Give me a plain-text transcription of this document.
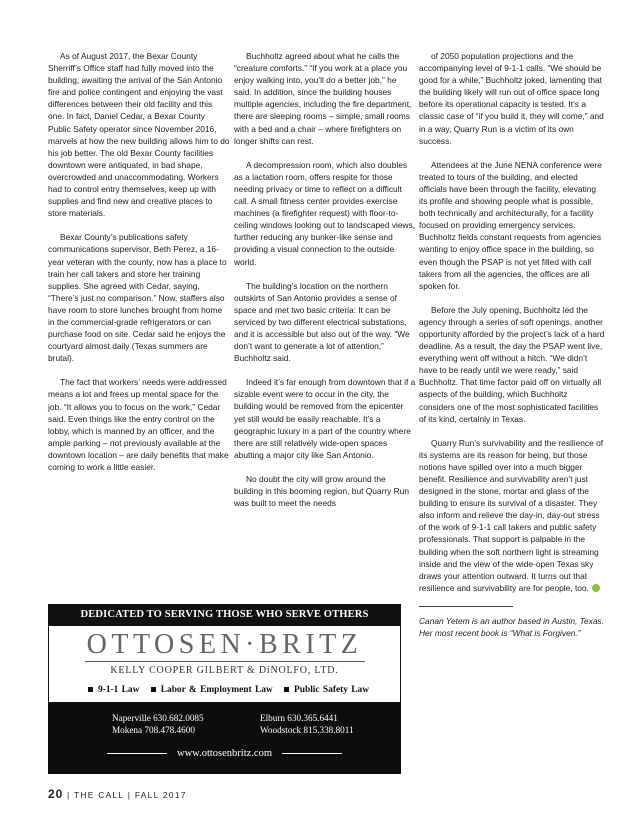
As of August 2017, the Bexar County Sherriff’s Office staff had fully moved into the building, awaiting the arrival of the San Antonio fire and police contingent and enjoying the vast differences between their old facility and this one. In fact, Daniel Cedar, a Bexar County Public Safety operator since November 2016, marvels at how the new building allows him to do his job better. The old Bexar County facilities downtown were antiquated, in bad shape, overcrowded and unaccommodating. Workers had to control entry themselves, keep up with supplies and find new and creative places to store materials.

Bexar County’s publications safety communications supervisor, Beth Perez, a 16-year veteran with the county, now has a place to train her call takers and store her training supplies. She agreed with Cedar, saying, “There’s just no comparison.” Now, staffers also have room to store lunches brought from home in the commercial-grade refrigerators or can purchase food on site. Cedar said he enjoys the courtyard almost daily (Texas summers are brutal).

The fact that workers’ needs were addressed means a lot and frees up mental space for the job. “It allows you to focus on the work,” Cedar said. Even things like the entry control on the lobby, which is manned by an officer, and the ample parking – not previously available at the downtown location – are daily benefits that make coming to work a little easier.

Buchholtz agreed about what he calls the “creature comforts.” “If you work at a place you enjoy walking into, you’ll do a better job,” he said. In addition, since the building houses multiple agencies, including the fire department, there are sleeping rooms – simple, small rooms with a bed and a chair – where firefighters on longer shifts can rest.

A decompression room, which also doubles as a lactation room, offers respite for those needing privacy or time to reflect on a difficult call. A small fitness center provides exercise machines (a firefighter request) with floor-to-ceiling windows looking out to landscaped views, further reducing any bunker-like sense and providing a visual connection to the outside world.

The building’s location on the northern outskirts of San Antonio provides a sense of space and met two basic criteria: It can be serviced by two different electrical substations, and it is accessible but also out of the way. “We don’t want to generate a lot of attention,” Buchholtz said.

Indeed it’s far enough from downtown that if a sizable event were to occur in the city, the building would be removed from the epicenter yet still would be easily reachable. It’s a geographic luxury in a part of the country where there are still relatively wide-open spaces abutting a major city like San Antonio.

No doubt the city will grow around the building in this booming region, but Quarry Run was built to meet the needs

of 2050 population projections and the accompanying level of 9-1-1 calls. “We should be good for a while,” Buchholtz joked, lamenting that the building likely will run out of office space long before its operational capacity is tested. It’s a classic case of “if you build it, they will come,” and in a way, Quarry Run is a victim of its own success.

Attendees at the June NENA conference were treated to tours of the building, and elected officials have been through the facility, elevating its profile and showing people what is possible, both technically and architecturally, for a facility focused on providing emergency services. Buchholtz fields constant requests from agencies wanting to enjoy office space in the building, so even though the PSAP is not yet filled with call takers from all the agencies, the offices are all spoken for.

Before the July opening, Buchholtz led the agency through a series of soft openings, another opportunity afforded by the project’s lack of a hard deadline. As a result, the day the PSAP went live, everything went off without a hitch. “We didn’t have to be ready until we were ready,” said Buchholtz. That time factor paid off on virtually all aspects of the building, which Buchholtz considers one of the most sophisticated facilities of its kind, certainly in Texas.

Quarry Run’s survivability and the resilience of its systems are its reason for being, but those notions have spilled over into a much bigger benefit. Resilience and survivability aren’t just designed in the stone, mortar and glass of the building to ensure its survival of a disaster. They also inform and relieve the day-in, day-out stress of the work of 9-1-1 call takers and public safety professionals. That support is palpable in the building when the soft northern light is streaming inside and the view of the wide-open Texas sky draws your attention outward. It turns out that resilience and survivability are for people, too.

Canan Yetem is an author based in Austin, Texas. Her most recent book is “What is Forgiven.”

DEDICATED TO SERVING THOSE WHO SERVE OTHERS
OTTOSEN·BRITZ
KELLY COOPER GILBERT & DiNOLFO, LTD.
9-1-1 Law Labor & Employment Law Public Safety Law
Naperville 630.682.0085	Elburn 630.365.6441
Mokena 708.478.4600	Woodstock 815.338.8011
www.ottosenbritz.com
20 | THE CALL | FALL 2017
